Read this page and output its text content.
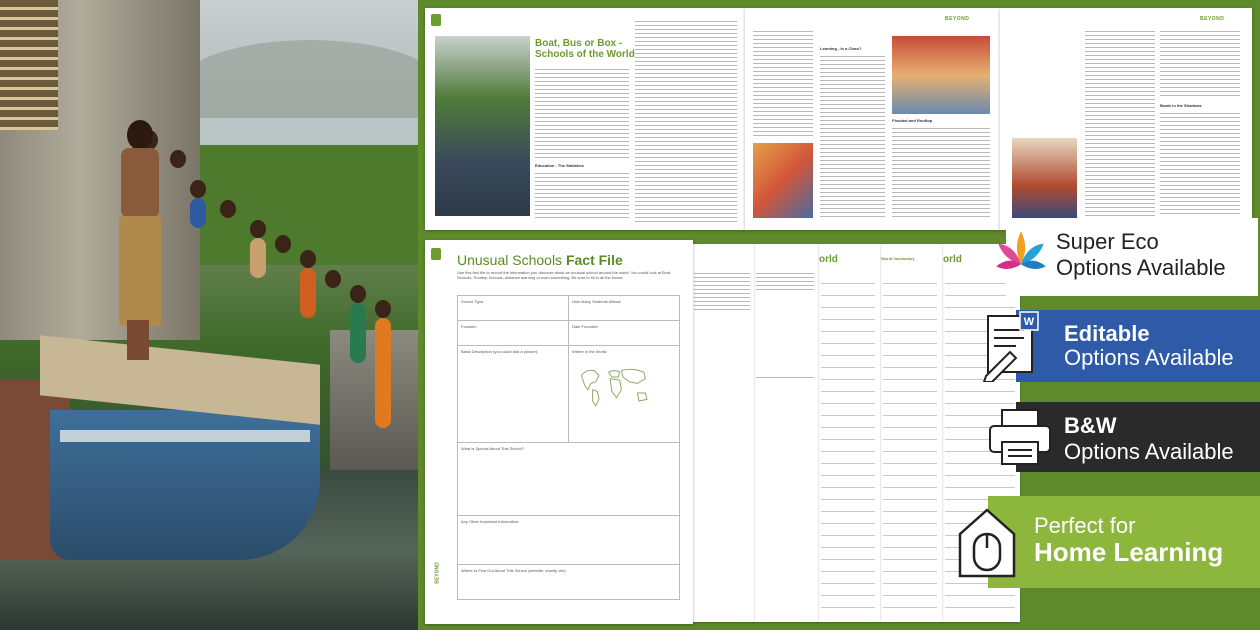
Boat, Bus or Box -
Schools of the World
Education - The Statistics
BEYOND
Learning - In a Class?
Flooded and Rooftop
BEYOND
Boats in the Shadows
orld
World Vocabulary
orld
Unusual Schools Fact File
Use this fact file to record the information you discover about an unusual school around the world. You could look at Boat Schools, Rooftop Schools, distance learning or even something. Be sure to fill in all the boxes.
School Type:	How Many Students Attend:
Founder:	Date Founded:
Basic Description (you could add a picture):	Where in the World:
What is Special About This School?
Any Other Important Information:
Where to Find Out About This School (website, charity, etc):
BEYOND
Super Eco
Options Available
W Editable
Options Available
B&W
Options Available
Perfect for
Home Learning
